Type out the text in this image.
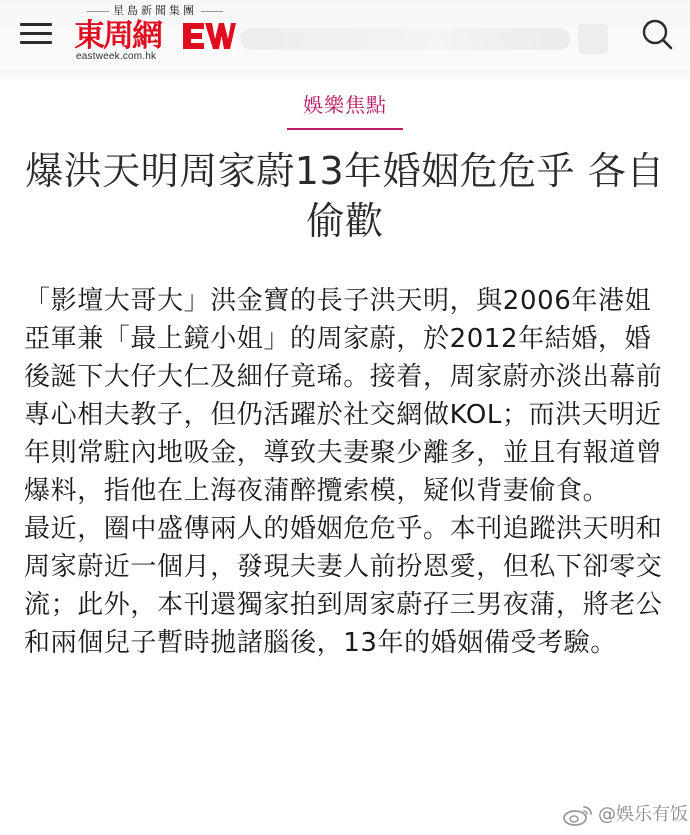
星島新聞集團
東周網
eastweek.com.hk
娛樂焦點
爆洪天明周家蔚13年婚姻危危乎 各自偷歡

「影壇大哥大」洪金寶的長子洪天明，與2006年港姐亞軍兼「最上鏡小姐」的周家蔚，於2012年結婚，婚後誕下大仔大仁及細仔竟琋。接着，周家蔚亦淡出幕前專心相夫教子，但仍活躍於社交網做KOL；而洪天明近年則常駐內地吸金，導致夫妻聚少離多，並且有報道曾爆料，指他在上海夜蒲醉攬索模，疑似背妻偷食。

最近，圈中盛傳兩人的婚姻危危乎。本刊追蹤洪天明和周家蔚近一個月，發現夫妻人前扮恩愛，但私下卻零交流；此外，本刊還獨家拍到周家蔚孖三男夜蒲，將老公和兩個兒子暫時拋諸腦後，13年的婚姻備受考驗。

@娛乐有饭
